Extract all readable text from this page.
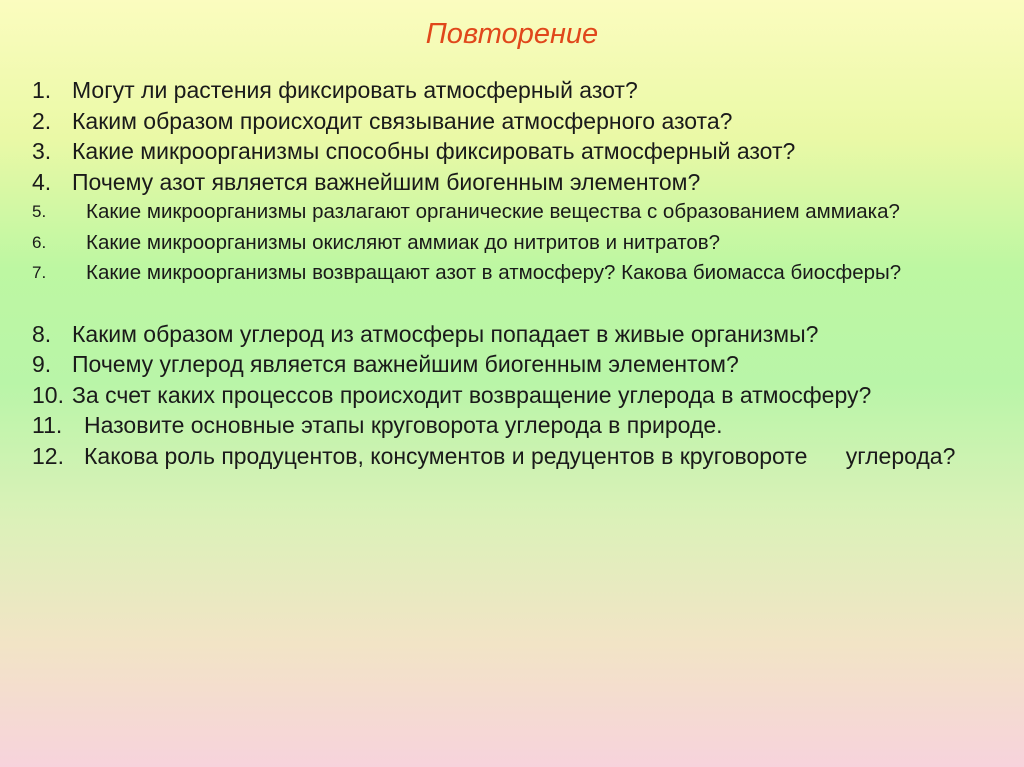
Повторение
1. Могут ли растения фиксировать атмосферный азот?
2. Каким образом происходит связывание атмосферного азота?
3. Какие микроорганизмы способны фиксировать атмосферный азот?
4. Почему азот является важнейшим биогенным элементом?
5.	Какие микроорганизмы разлагают органические вещества с образованием аммиака?
6.	Какие микроорганизмы окисляют аммиак до нитритов и нитратов?
7.	Какие микроорганизмы возвращают азот в атмосферу? Какова биомасса биосферы?
8. Каким образом углерод из атмосферы попадает в живые организмы?
9. Почему углерод является важнейшим биогенным элементом?
10. За счет каких процессов происходит возвращение углерода в атмосферу?
11. Назовите основные этапы круговорота углерода в природе.
12. Какова роль продуцентов, консументов и редуцентов в круговороте      углерода?
